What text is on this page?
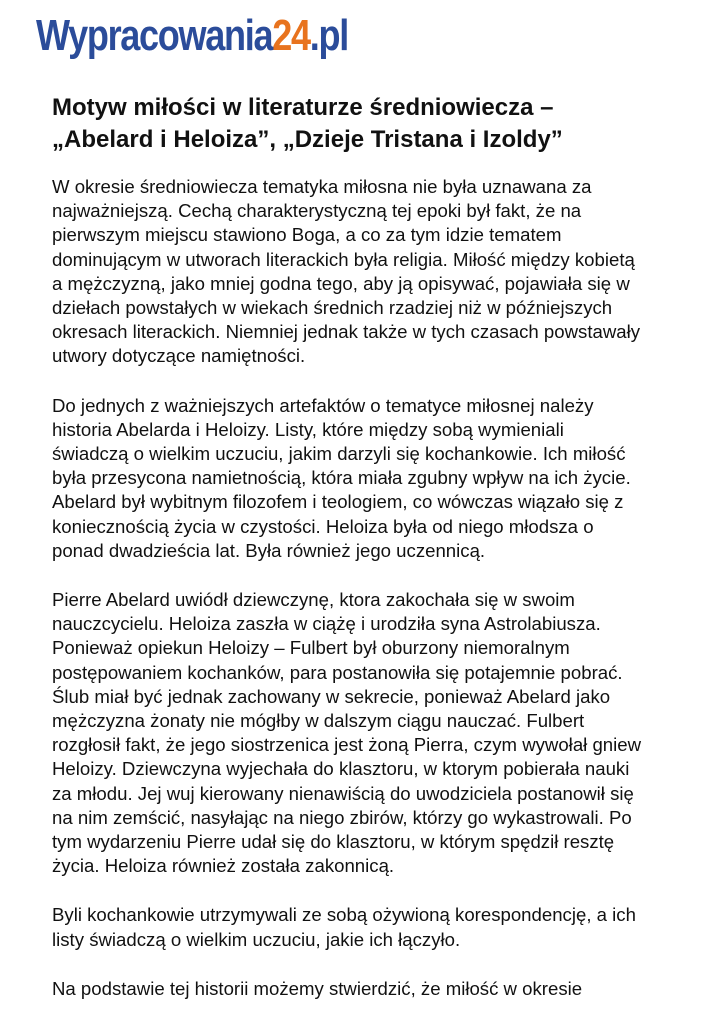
Wypracowania24.pl
Motyw miłości w literaturze średniowiecza –
„Abelard i Heloiza”, „Dzieje Tristana i Izoldy”

W okresie średniowiecza tematyka miłosna nie była uznawana za
najważniejszą. Cechą charakterystyczną tej epoki był fakt, że na
pierwszym miejscu stawiono Boga, a co za tym idzie tematem
dominującym w utworach literackich była religia. Miłość między kobietą
a mężczyzną, jako mniej godna tego, aby ją opisywać, pojawiała się w
dziełach powstałych w wiekach średnich rzadziej niż w późniejszych
okresach literackich. Niemniej jednak także w tych czasach powstawały
utwory dotyczące namiętności.

Do jednych z ważniejszych artefaktów o tematyce miłosnej należy
historia Abelarda i Heloizy. Listy, które między sobą wymieniali
świadczą o wielkim uczuciu, jakim darzyli się kochankowie. Ich miłość
była przesycona namietnością, która miała zgubny wpływ na ich życie.
Abelard był wybitnym filozofem i teologiem, co wówczas wiązało się z
koniecznością życia w czystości. Heloiza była od niego młodsza o
ponad dwadzieścia lat. Była również jego uczennicą.

Pierre Abelard uwiódł dziewczynę, ktora zakochała się w swoim
nauczcycielu. Heloiza zaszła w ciążę i urodziła syna Astrolabiusza.
Ponieważ opiekun Heloizy – Fulbert był oburzony niemoralnym
postępowaniem kochanków, para postanowiła się potajemnie pobrać.
Ślub miał być jednak zachowany w sekrecie, ponieważ Abelard jako
mężczyzna żonaty nie mógłby w dalszym ciągu nauczać. Fulbert
rozgłosił fakt, że jego siostrzenica jest żoną Pierra, czym wywołał gniew
Heloizy. Dziewczyna wyjechała do klasztoru, w ktorym pobierała nauki
za młodu. Jej wuj kierowany nienawiścią do uwodziciela postanowił się
na nim zemścić, nasyłając na niego zbirów, którzy go wykastrowali. Po
tym wydarzeniu Pierre udał się do klasztoru, w którym spędził resztę
życia. Heloiza również została zakonnicą.

Byli kochankowie utrzymywali ze sobą ożywioną korespondencję, a ich
listy świadczą o wielkim uczuciu, jakie ich łączyło.

Na podstawie tej historii możemy stwierdzić, że miłość w okresie
